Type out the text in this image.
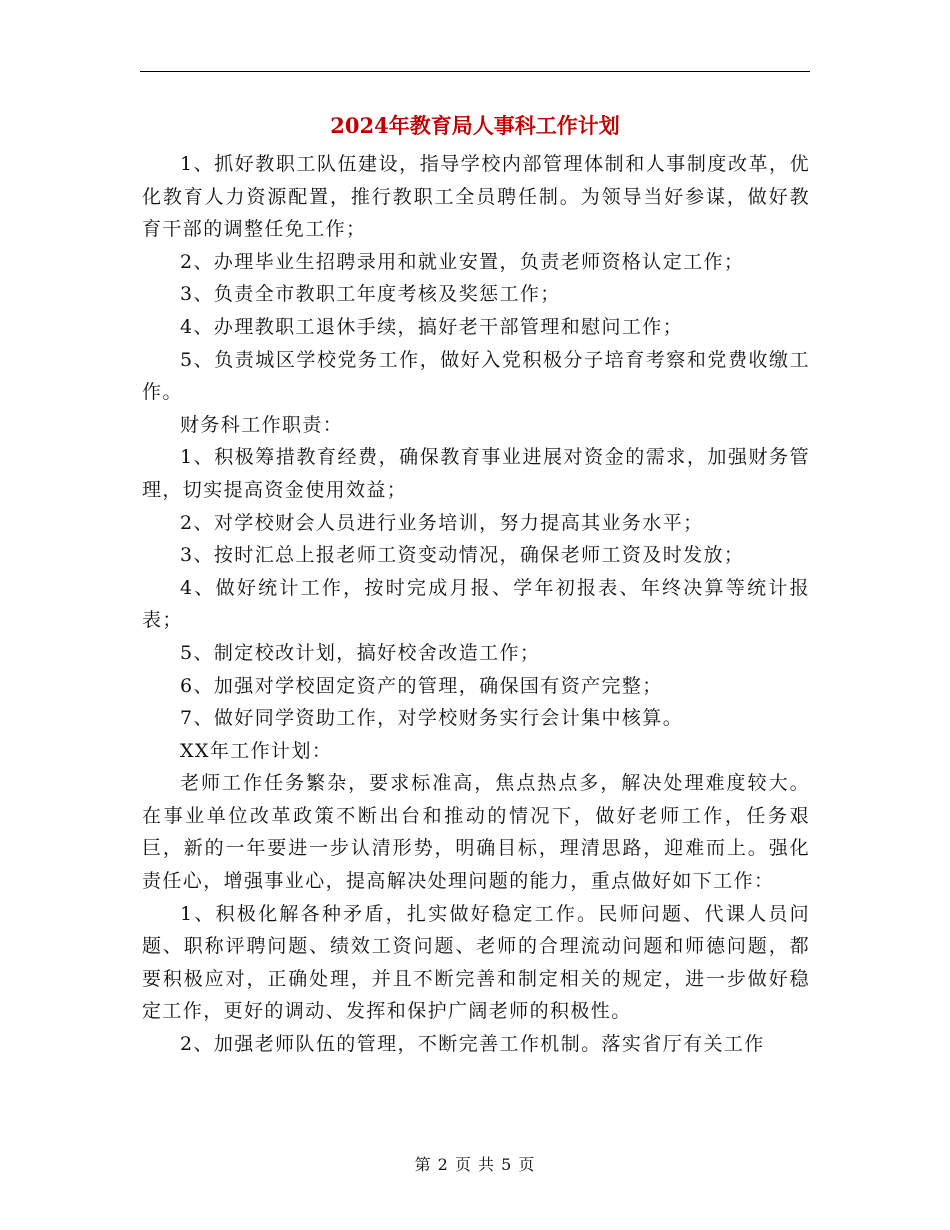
2024年教育局人事科工作计划

1、抓好教职工队伍建设，指导学校内部管理体制和人事制度改革，优化教育人力资源配置，推行教职工全员聘任制。为领导当好参谋，做好教育干部的调整任免工作；

2、办理毕业生招聘录用和就业安置，负责老师资格认定工作；

3、负责全市教职工年度考核及奖惩工作；

4、办理教职工退休手续，搞好老干部管理和慰问工作；

5、负责城区学校党务工作，做好入党积极分子培育考察和党费收缴工作。

财务科工作职责：

1、积极筹措教育经费，确保教育事业进展对资金的需求，加强财务管理，切实提高资金使用效益；

2、对学校财会人员进行业务培训，努力提高其业务水平；

3、按时汇总上报老师工资变动情况，确保老师工资及时发放；

4、做好统计工作，按时完成月报、学年初报表、年终决算等统计报表；

5、制定校改计划，搞好校舍改造工作；

6、加强对学校固定资产的管理，确保国有资产完整；

7、做好同学资助工作，对学校财务实行会计集中核算。

XX年工作计划：

老师工作任务繁杂，要求标准高，焦点热点多，解决处理难度较大。在事业单位改革政策不断出台和推动的情况下，做好老师工作，任务艰巨，新的一年要进一步认清形势，明确目标，理清思路，迎难而上。强化责任心，增强事业心，提高解决处理问题的能力，重点做好如下工作：

1、积极化解各种矛盾，扎实做好稳定工作。民师问题、代课人员问题、职称评聘问题、绩效工资问题、老师的合理流动问题和师德问题，都要积极应对，正确处理，并且不断完善和制定相关的规定，进一步做好稳定工作，更好的调动、发挥和保护广阔老师的积极性。

2、加强老师队伍的管理，不断完善工作机制。落实省厅有关工作

第 2 页 共 5 页
